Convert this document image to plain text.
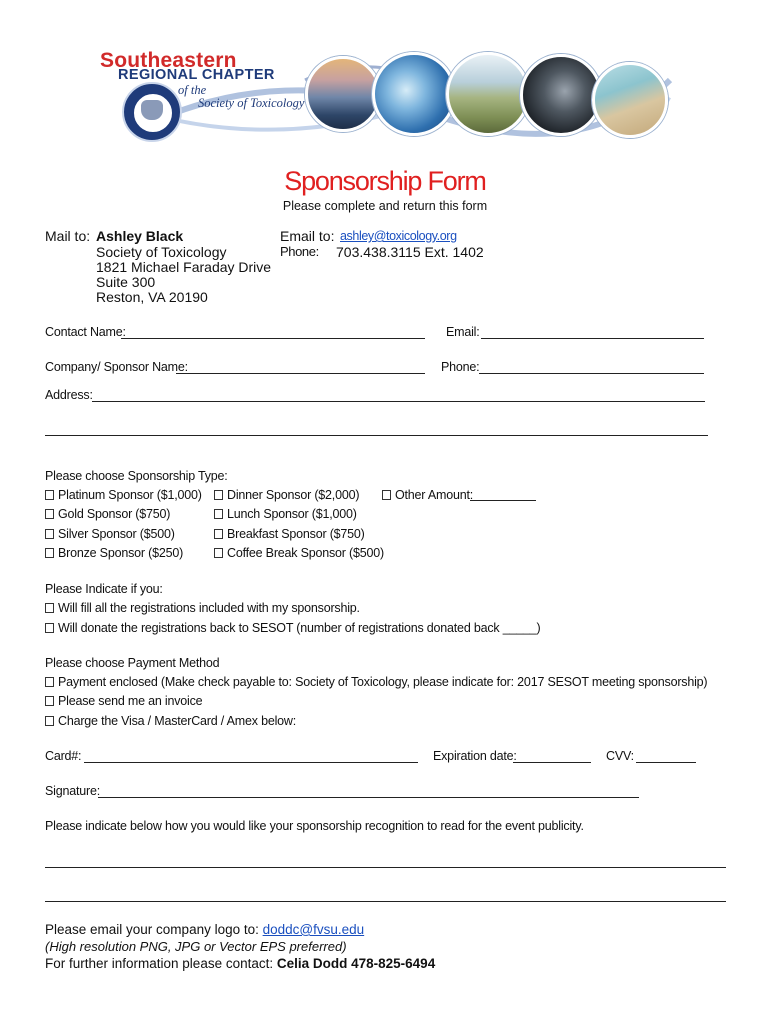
1984
Southeastern
REGIONAL CHAPTER
of the
Society of Toxicology
Sponsorship Form
Please complete and return this form
Mail to: Ashley Black
Society of Toxicology
1821 Michael Faraday Drive
Suite 300
Reston, VA 20190
Email to: ashley@toxicology.org
Phone: 703.438.3115 Ext. 1402
Contact Name:	Email:
Company/ Sponsor Name:	Phone:
Address:
Please choose Sponsorship Type:
Platinum Sponsor ($1,000)
Gold Sponsor ($750)
Silver Sponsor ($500)
Bronze Sponsor ($250)
Dinner Sponsor ($2,000)
Lunch Sponsor ($1,000)
Breakfast Sponsor ($750)
Coffee Break Sponsor ($500)
Other Amount:
Please Indicate if you:
Will fill all the registrations included with my sponsorship.
Will donate the registrations back to SESOT (number of registrations donated back _____)
Please choose Payment Method
Payment enclosed (Make check payable to: Society of Toxicology, please indicate for: 2017 SESOT meeting sponsorship)
Please send me an invoice
Charge the Visa / MasterCard / Amex below:
Card#:	Expiration date:	CVV:
Signature:
Please indicate below how you would like your sponsorship recognition to read for the event publicity.
Please email your company logo to: doddc@fvsu.edu
(High resolution PNG, JPG or Vector EPS preferred)
For further information please contact: Celia Dodd 478-825-6494
